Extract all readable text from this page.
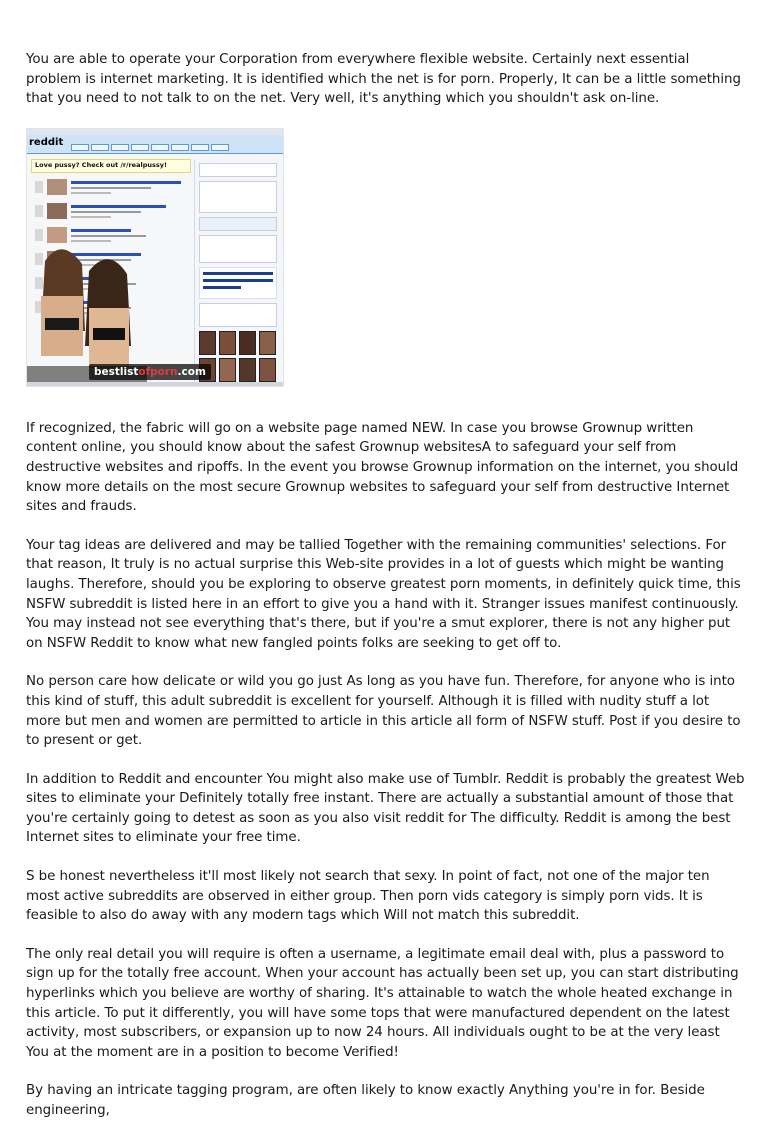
You are able to operate your Corporation from everywhere flexible website. Certainly next essential problem is internet marketing. It is identified which the net is for porn. Properly, It can be a little something that you need to not talk to on the net. Very well, it's anything which you shouldn't ask on-line.

reddit
Love pussy? Check out /r/realpussy!
bestlistofporn.com

If recognized, the fabric will go on a website page named NEW. In case you browse Grownup written content online, you should know about the safest Grownup websitesA to safeguard your self from destructive websites and ripoffs. In the event you browse Grownup information on the internet, you should know more details on the most secure Grownup websites to safeguard your self from destructive Internet sites and frauds.

Your tag ideas are delivered and may be tallied Together with the remaining communities' selections. For that reason, It truly is no actual surprise this Web-site provides in a lot of guests which might be wanting laughs. Therefore, should you be exploring to observe greatest porn moments, in definitely quick time, this NSFW subreddit is listed here in an effort to give you a hand with it. Stranger issues manifest continuously. You may instead not see everything that's there, but if you're a smut explorer, there is not any higher put on NSFW Reddit to know what new fangled points folks are seeking to get off to.

No person care how delicate or wild you go just As long as you have fun. Therefore, for anyone who is into this kind of stuff, this adult subreddit is excellent for yourself. Although it is filled with nudity stuff a lot more but men and women are permitted to article in this article all form of NSFW stuff. Post if you desire to to present or get.

In addition to Reddit and encounter You might also make use of Tumblr. Reddit is probably the greatest Web sites to eliminate your Definitely totally free instant. There are actually a substantial amount of those that you're certainly going to detest as soon as you also visit reddit for The difficulty. Reddit is among the best Internet sites to eliminate your free time.

S be honest nevertheless it'll most likely not search that sexy. In point of fact, not one of the major ten most active subreddits are observed in either group. Then porn vids category is simply porn vids. It is feasible to also do away with any modern tags which Will not match this subreddit.

The only real detail you will require is often a username, a legitimate email deal with, plus a password to sign up for the totally free account. When your account has actually been set up, you can start distributing hyperlinks which you believe are worthy of sharing. It's attainable to watch the whole heated exchange in this article. To put it differently, you will have some tops that were manufactured dependent on the latest activity, most subscribers, or expansion up to now 24 hours. All individuals ought to be at the very least You at the moment are in a position to become Verified!

By having an intricate tagging program, are often likely to know exactly Anything you're in for. Beside engineering,
